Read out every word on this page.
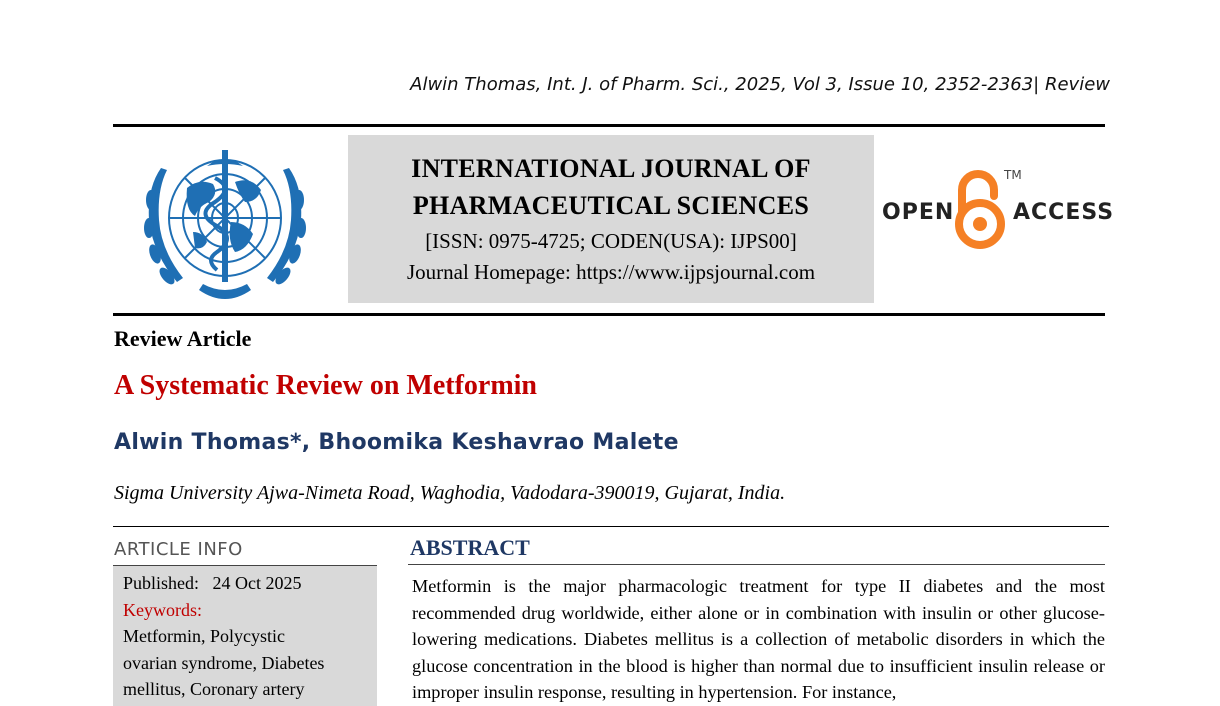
Alwin Thomas, Int. J. of Pharm. Sci., 2025, Vol 3, Issue 10, 2352-2363| Review
INTERNATIONAL JOURNAL OF
PHARMACEUTICAL SCIENCES
[ISSN: 0975-4725; CODEN(USA): IJPS00]
Journal Homepage: https://www.ijpsjournal.com
OPEN
TM
ACCESS
Review Article
A Systematic Review on Metformin
Alwin Thomas*, Bhoomika Keshavrao Malete
Sigma University Ajwa-Nimeta Road, Waghodia, Vadodara-390019, Gujarat, India.
ARTICLE INFO
Published: 24 Oct 2025
Keywords:
Metformin, Polycystic
ovarian syndrome, Diabetes
mellitus, Coronary artery
ABSTRACT
Metformin is the major pharmacologic treatment for type II diabetes and the most recommended drug worldwide, either alone or in combination with insulin or other glucose-lowering medications. Diabetes mellitus is a collection of metabolic disorders in which the glucose concentration in the blood is higher than normal due to insufficient insulin release or improper insulin response, resulting in hypertension. For instance,
